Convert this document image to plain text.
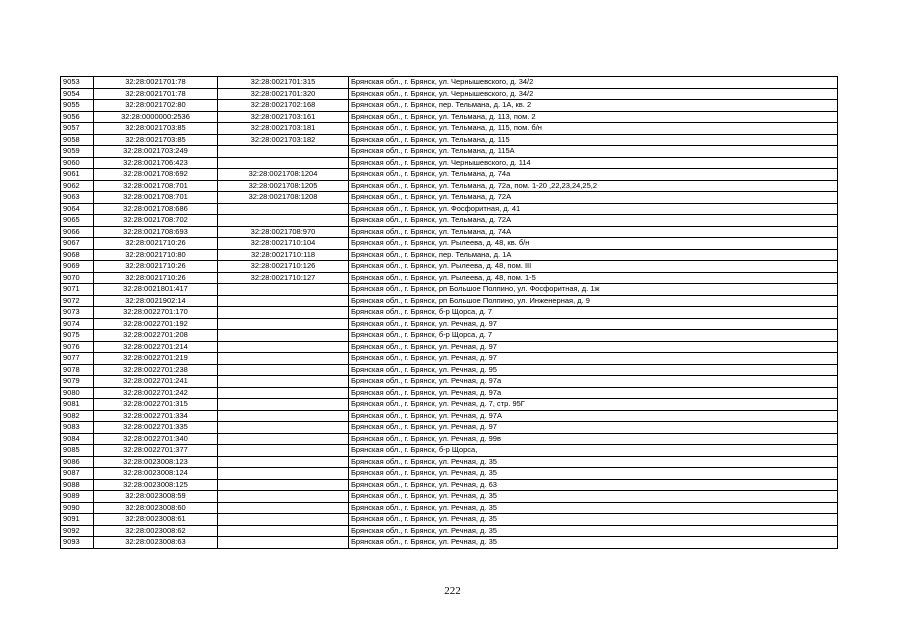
9053	32:28:0021701:78	32:28:0021701:315	Брянская обл., г. Брянск, ул. Чернышевского, д. 34/2
9054	32:28:0021701:78	32:28:0021701:320	Брянская обл., г. Брянск, ул. Чернышевского, д. 34/2
9055	32:28:0021702:80	32:28:0021702:168	Брянская обл., г. Брянск, пер. Тельмана, д. 1А, кв. 2
9056	32:28:0000000:2536	32:28:0021703:161	Брянская обл., г. Брянск, ул. Тельмана, д. 113, пом. 2
9057	32:28:0021703:85	32:28:0021703:181	Брянская обл., г. Брянск, ул. Тельмана, д. 115, пом. б/н
9058	32:28:0021703:85	32:28:0021703:182	Брянская обл., г. Брянск, ул. Тельмана, д. 115
9059	32:28:0021703:249		Брянская обл., г. Брянск, ул. Тельмана, д. 115А
9060	32:28:0021706:423		Брянская обл., г. Брянск, ул. Чернышевского, д. 114
9061	32:28:0021708:692	32:28:0021708:1204	Брянская обл., г. Брянск, ул. Тельмана, д. 74а
9062	32:28:0021708:701	32:28:0021708:1205	Брянская обл., г. Брянск, ул. Тельмана, д. 72а, пом. 1-20 ,22,23,24,25,2
9063	32:28:0021708:701	32:28:0021708:1208	Брянская обл., г. Брянск, ул. Тельмана, д. 72А
9064	32:28:0021708:686		Брянская обл., г. Брянск, ул. Фосфоритная, д. 41
9065	32:28:0021708:702		Брянская обл., г. Брянск, ул. Тельмана, д. 72А
9066	32:28:0021708:693	32:28:0021708:970	Брянская обл., г. Брянск, ул. Тельмана, д. 74А
9067	32:28:0021710:26	32:28:0021710:104	Брянская обл., г. Брянск, ул. Рылеева, д. 48, кв. б/н
9068	32:28:0021710:80	32:28:0021710:118	Брянская обл., г. Брянск, пер. Тельмана, д. 1А
9069	32:28:0021710:26	32:28:0021710:126	Брянская обл., г. Брянск, ул. Рылеева, д. 48, пом. III
9070	32:28:0021710:26	32:28:0021710:127	Брянская обл., г. Брянск, ул. Рылеева, д. 48, пом. 1-5
9071	32:28:0021801:417		Брянская обл., г. Брянск, рп Большое Полпино, ул. Фосфоритная, д. 1ж
9072	32:28:0021902:14		Брянская обл., г. Брянск, рп Большое Полпино, ул. Инженерная, д. 9
9073	32:28:0022701:170		Брянская обл., г. Брянск, б-р Щорса, д. 7
9074	32:28:0022701:192		Брянская обл., г. Брянск, ул. Речная, д. 97
9075	32:28:0022701:208		Брянская обл., г. Брянск, б-р Щорса, д. 7
9076	32:28:0022701:214		Брянская обл., г. Брянск, ул. Речная, д. 97
9077	32:28:0022701:219		Брянская обл., г. Брянск, ул. Речная, д. 97
9078	32:28:0022701:238		Брянская обл., г. Брянск, ул. Речная, д. 95
9079	32:28:0022701:241		Брянская обл., г. Брянск, ул. Речная, д. 97а
9080	32:28:0022701:242		Брянская обл., г. Брянск, ул. Речная, д. 97а
9081	32:28:0022701:315		Брянская обл., г. Брянск, ул. Речная, д. 7, стр. 95Г
9082	32:28:0022701:334		Брянская обл., г. Брянск, ул. Речная, д. 97А
9083	32:28:0022701:335		Брянская обл., г. Брянск, ул. Речная, д. 97
9084	32:28:0022701:340		Брянская обл., г. Брянск, ул. Речная, д. 99в
9085	32:28:0022701:377		Брянская обл., г. Брянск, б-р Щорса,
9086	32:28:0023008:123		Брянская обл., г. Брянск, ул. Речная, д. 35
9087	32:28:0023008:124		Брянская обл., г. Брянск, ул. Речная, д. 35
9088	32:28:0023008:125		Брянская обл., г. Брянск, ул. Речная, д. 63
9089	32:28:0023008:59		Брянская обл., г. Брянск, ул. Речная, д. 35
9090	32:28:0023008:60		Брянская обл., г. Брянск, ул. Речная, д. 35
9091	32:28:0023008:61		Брянская обл., г. Брянск, ул. Речная, д. 35
9092	32:28:0023008:62		Брянская обл., г. Брянск, ул. Речная, д. 35
9093	32:28:0023008:63		Брянская обл., г. Брянск, ул. Речная, д. 35
222
